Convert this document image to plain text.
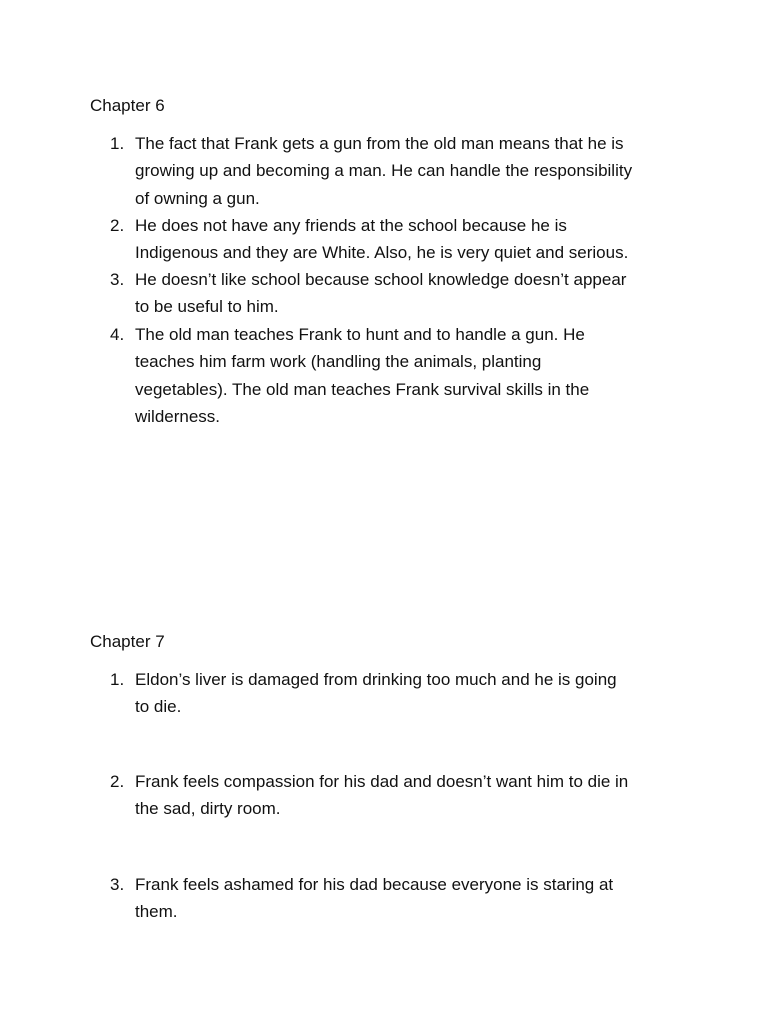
Chapter 6
1. The fact that Frank gets a gun from the old man means that he is
growing up and becoming a man. He can handle the responsibility
of owning a gun.
2. He does not have any friends at the school because he is
Indigenous and they are White. Also, he is very quiet and serious.
3. He doesn’t like school because school knowledge doesn’t appear
to be useful to him.
4. The old man teaches Frank to hunt and to handle a gun. He
teaches him farm work (handling the animals, planting
vegetables). The old man teaches Frank survival skills in the
wilderness.
Chapter 7
1. Eldon’s liver is damaged from drinking too much and he is going
to die.
2. Frank feels compassion for his dad and doesn’t want him to die in
the sad, dirty room.
3. Frank feels ashamed for his dad because everyone is staring at
them.
